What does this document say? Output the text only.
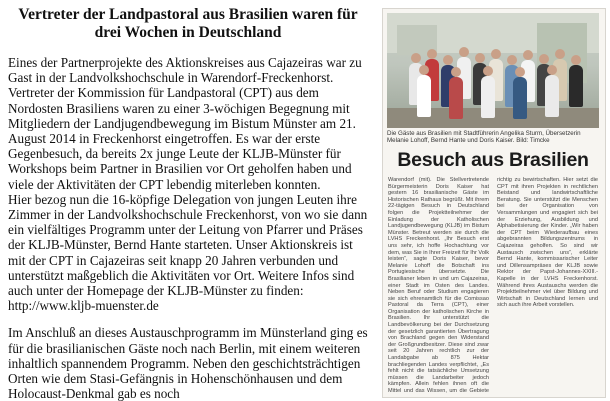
Vertreter der Landpastoral aus Brasilien waren für
drei Wochen in Deutschland

Eines der Partnerprojekte des Aktionskreises aus Cajazeiras war zu Gast in der Landvolkshochschule in Warendorf-Freckenhorst. Vertreter der Kommission für Landpastoral (CPT) aus dem Nordosten Brasiliens waren zu einer 3-wöchigen Begegnung mit Mitgliedern der Landjugendbewegung im Bistum Münster am 21. August 2014 in Freckenhorst eingetroffen. Es war der erste Gegenbesuch, da bereits 2x junge Leute der KLJB-Münster für Workshops beim Partner in Brasilien vor Ort geholfen haben und viele der Aktivitäten der CPT lebendig miterleben konnten.

Hier bezog nun die 16-köpfige Delegation von jungen Leuten ihre Zimmer in der Landvolkshochschule Freckenhorst, von wo sie dann ein vielfältiges Programm unter der Leitung von Pfarrer und Präses der KLJB-Münster, Bernd Hante starteten. Unser Aktionskreis ist mit der CPT in Cajazeiras seit knapp 20 Jahren verbunden und unterstützt maßgeblich die Aktivitäten vor Ort. Weitere Infos sind auch unter der Homepage der KLJB-Münster zu finden: http://www.kljb-muenster.de

Im Anschluß an dieses Austauschprogramm im Münsterland ging es für die brasilianischen Gäste noch nach Berlin, mit einem weiteren inhaltlich spannendem Programm. Neben den geschichtsträchtigen Orten wie dem Stasi-Gefängnis in Hohenschönhausen und dem Holocaust-Denkmal gab es noch

Die Gäste aus Brasilien mit Stadtführerin Angelika Sturm, Übersetzerin Melanie Lohoff, Bernd Hante und Doris Kaiser. Bild: Timcke
Besuch aus Brasilien

Warendorf (mit). Die Stellvertretende Bürgermeisterin Doris Kaiser hat gestern 16 brasilianische Gäste im Historischen Rathaus begrüßt. Mit ihrem 22-tägigen Besuch in Deutschland folgen die Projektteilnehmer der Einladung der Katholischen Landjugendbewegung (KLJB) im Bistum Münster. Betreut werden sie durch die LVHS Freckenhorst. „Ihr Besuch erst uns sehr, ich hoffe Hochachtung vor dem, was Sie in Ihrer Freizeit für Ihr Volk leisten“, sagte Doris Kaiser, bevor Melanie Lohoff die Botschaft ins Portugiesische übersetzte. Die Brasilianer leben in und um Cajazeiras, einer Stadt im Osten des Landes. Neben Beruf oder Studium engagieren sie sich ehrenamtlich für die Comissao Pastoral da Terra (CPT), einer Organisation der katholischen Kirche in Brasilien. Ihr unterstützt die Landbevölkerung bei der Durchsetzung der gesetzlich garantierten Übertragung von Brachland gegen den Widerstand der Großgrundbesitzer. Diese sind zwar seit 20 Jahren rechtlich zur der Landabgabe ab 875 Hektar brachliegenden Landes verpflichtet, „Es fehlt nicht die tatsächliche Umsetzung müssen die Landarbeiter jedoch kämpfen. Allein fehlen ihnen oft die Mittel und das Wissen, um die Gebiete richtig zu bewirtschaften. Hier setzt die CPT mit ihren Projekten in rechtlichen Beistand und landwirtschaftliche Beratung. Sie unterstützt die Menschen bei der Organisation von Versammlungen und engagiert sich bei der Erziehung, Ausbildung und Alphabetisierung der Kinder. „Wir haben der CPT beim Wiederaufbau eines abgebrannten Bildungszentrums in Cajazeiras geholfen. So sind wir Austausch zwischen uns“, erklärte Bernd Hante, kommissarischer Leiter und Dillensampräses der KLJB sowie Rektor der Papst-Johannes-XXIII.-Kapelle in der LVHS Freckenhorst. Während ihres Austauschs werden die Projektteilnehmer viel über Bildung und Wirtschaft in Deutschland lernen und sich auch ihre Arbeit vorstellen.
